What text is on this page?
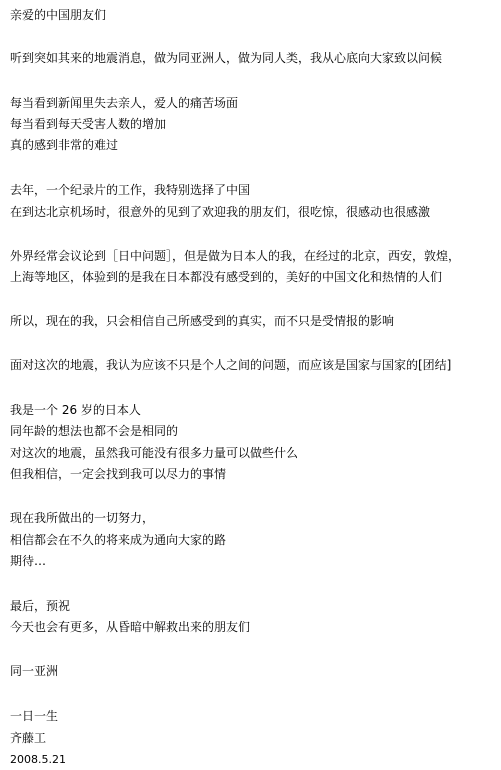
亲爱的中国朋友们
听到突如其来的地震消息，做为同亚洲人，做为同人类，我从心底向大家致以问候
每当看到新闻里失去亲人，爱人的痛苦场面
每当看到每天受害人数的增加
真的感到非常的难过
去年，一个纪录片的工作，我特别选择了中国
在到达北京机场时，很意外的见到了欢迎我的朋友们，很吃惊，很感动也很感激
外界经常会议论到［日中问题］，但是做为日本人的我，在经过的北京，西安，敦煌，
上海等地区，体验到的是我在日本都没有感受到的，美好的中国文化和热情的人们
所以，现在的我，只会相信自己所感受到的真实，而不只是受情报的影响
面对这次的地震，我认为应该不只是个人之间的问题，而应该是国家与国家的[团结]
我是一个 26 岁的日本人
同年龄的想法也都不会是相同的
对这次的地震，虽然我可能没有很多力量可以做些什么
但我相信，一定会找到我可以尽力的事情
现在我所做出的一切努力，
相信都会在不久的将来成为通向大家的路
期待…
最后，预祝
今天也会有更多，从昏暗中解救出来的朋友们
同一亚洲
一日一生
齐藤工
2008.5.21
